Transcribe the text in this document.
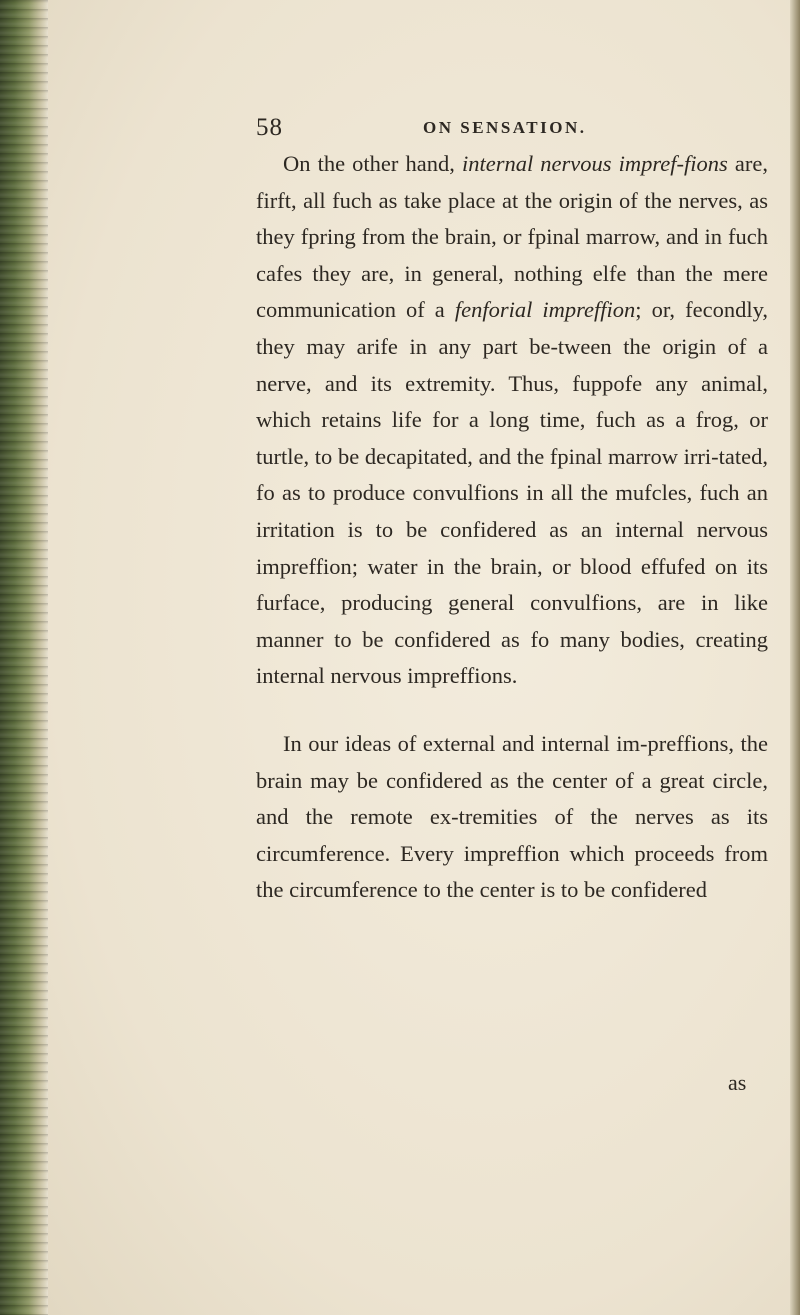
58	ON SENSATION.

On the other hand, internal nervous impref-fions are, firft, all fuch as take place at the origin of the nerves, as they fpring from the brain, or fpinal marrow, and in fuch cafes they are, in general, nothing elfe than the mere communication of a fenforial impreffion; or, fecondly, they may arife in any part be-tween the origin of a nerve, and its extremity. Thus, fuppofe any animal, which retains life for a long time, fuch as a frog, or turtle, to be decapitated, and the fpinal marrow irri-tated, fo as to produce convulfions in all the mufcles, fuch an irritation is to be confidered as an internal nervous impreffion; water in the brain, or blood effufed on its furface, producing general convulfions, are in like manner to be confidered as fo many bodies, creating internal nervous impreffions.

In our ideas of external and internal im-preffions, the brain may be confidered as the center of a great circle, and the remote ex-tremities of the nerves as its circumference. Every impreffion which proceeds from the circumference to the center is to be confidered

as
